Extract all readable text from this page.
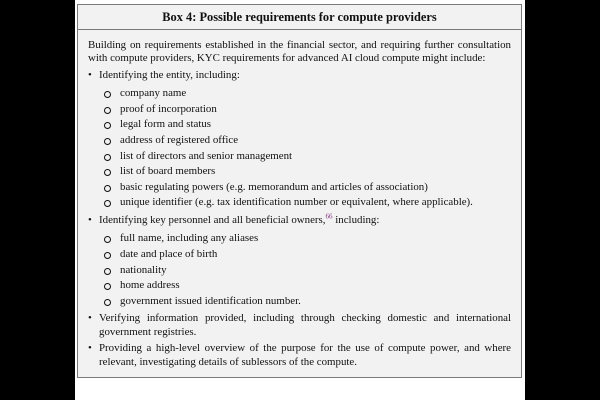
Box 4: Possible requirements for compute providers

Building on requirements established in the financial sector, and requiring further consultation with compute providers, KYC requirements for advanced AI cloud compute might include:

• Identifying the entity, including:
company name
proof of incorporation
legal form and status
address of registered office
list of directors and senior management
list of board members
basic regulating powers (e.g. memorandum and articles of association)
unique identifier (e.g. tax identification number or equivalent, where applicable).
• Identifying key personnel and all beneficial owners,$^{66}$ including:
full name, including any aliases
date and place of birth
nationality
home address
government issued identification number.
• Verifying information provided, including through checking domestic and international government registries.
• Providing a high-level overview of the purpose for the use of compute power, and where relevant, investigating details of sublessors of the compute.
